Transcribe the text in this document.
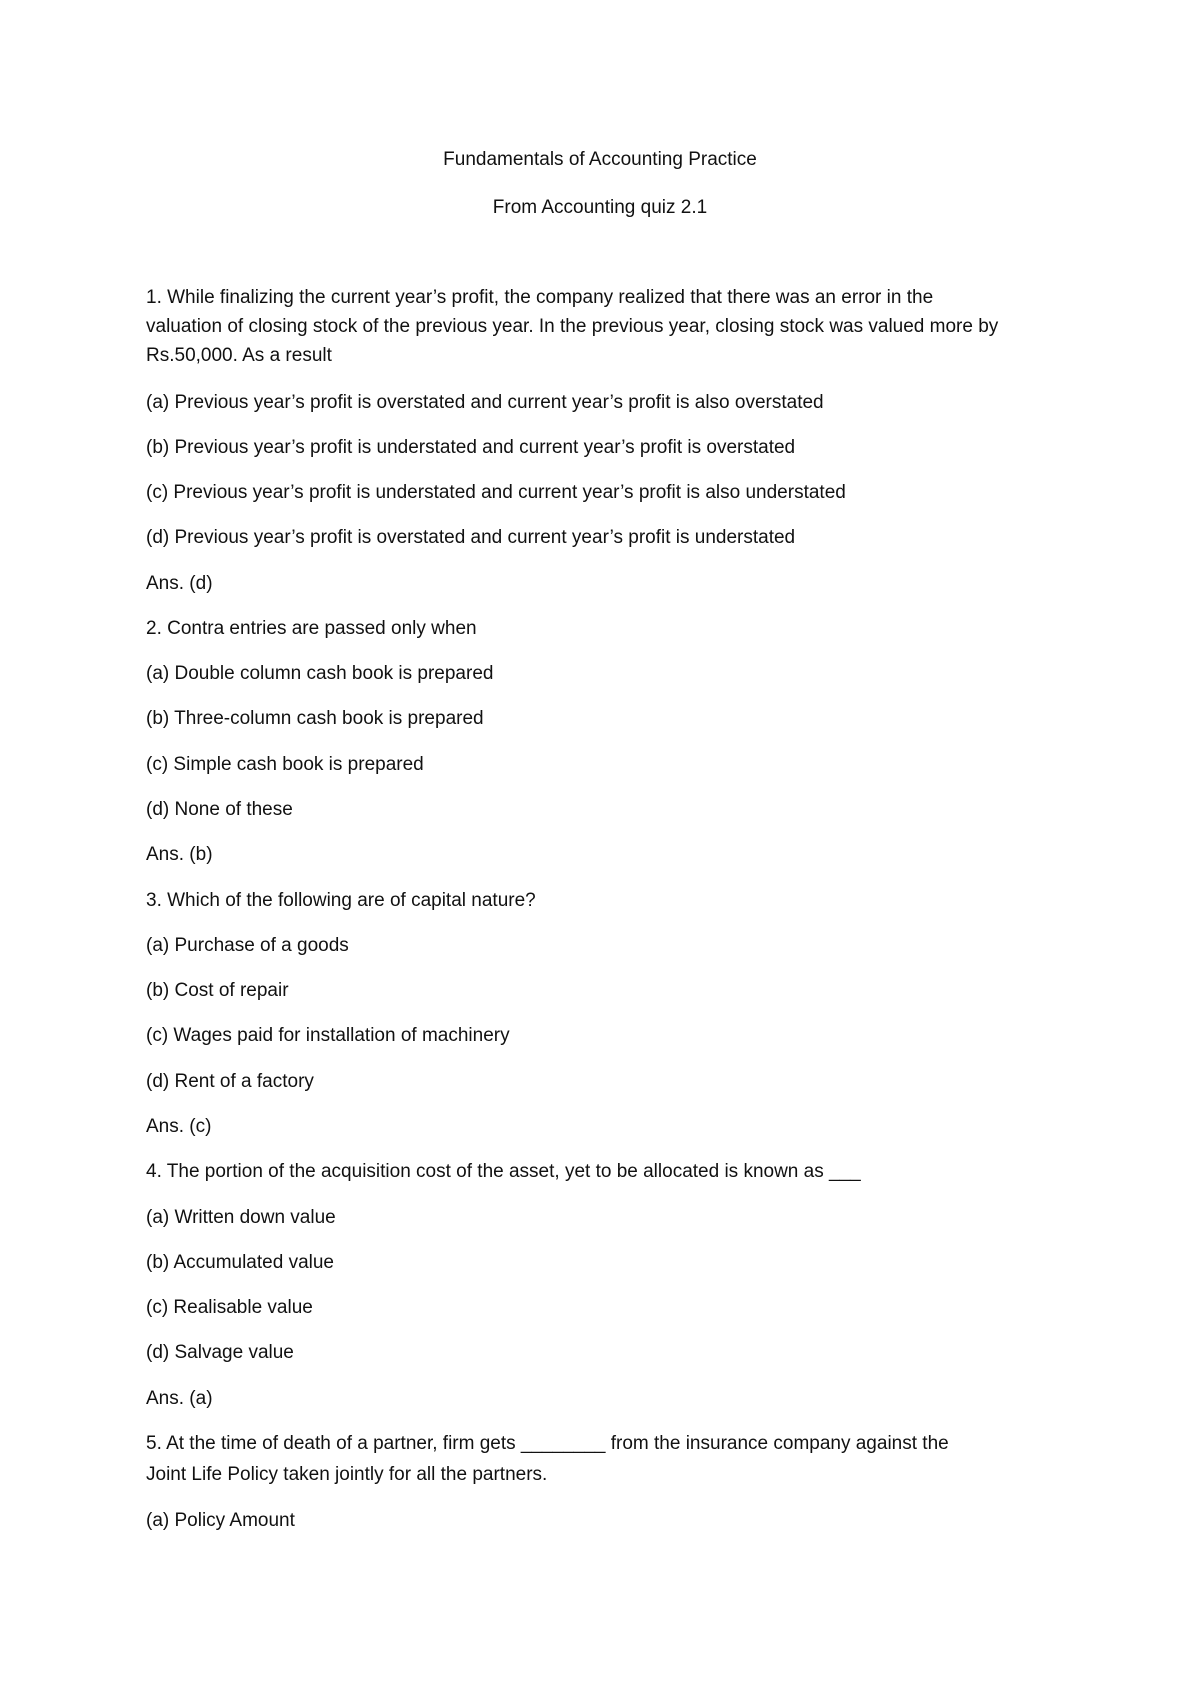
Fundamentals of Accounting Practice
From Accounting quiz 2.1
1. While finalizing the current year’s profit, the company realized that there was an error in the
valuation of closing stock of the previous year. In the previous year, closing stock was valued more by
Rs.50,000. As a result
(a) Previous year’s profit is overstated and current year’s profit is also overstated
(b) Previous year’s profit is understated and current year’s profit is overstated
(c) Previous year’s profit is understated and current year’s profit is also understated
(d) Previous year’s profit is overstated and current year’s profit is understated
Ans. (d)
2. Contra entries are passed only when
(a) Double column cash book is prepared
(b) Three-column cash book is prepared
(c) Simple cash book is prepared
(d) None of these
Ans. (b)
3. Which of the following are of capital nature?
(a) Purchase of a goods
(b) Cost of repair
(c) Wages paid for installation of machinery
(d) Rent of a factory
Ans. (c)
4. The portion of the acquisition cost of the asset, yet to be allocated is known as ___
(a) Written down value
(b) Accumulated value
(c) Realisable value
(d) Salvage value
Ans. (a)
5. At the time of death of a partner, firm gets ________ from the insurance company against the
Joint Life Policy taken jointly for all the partners.
(a) Policy Amount
